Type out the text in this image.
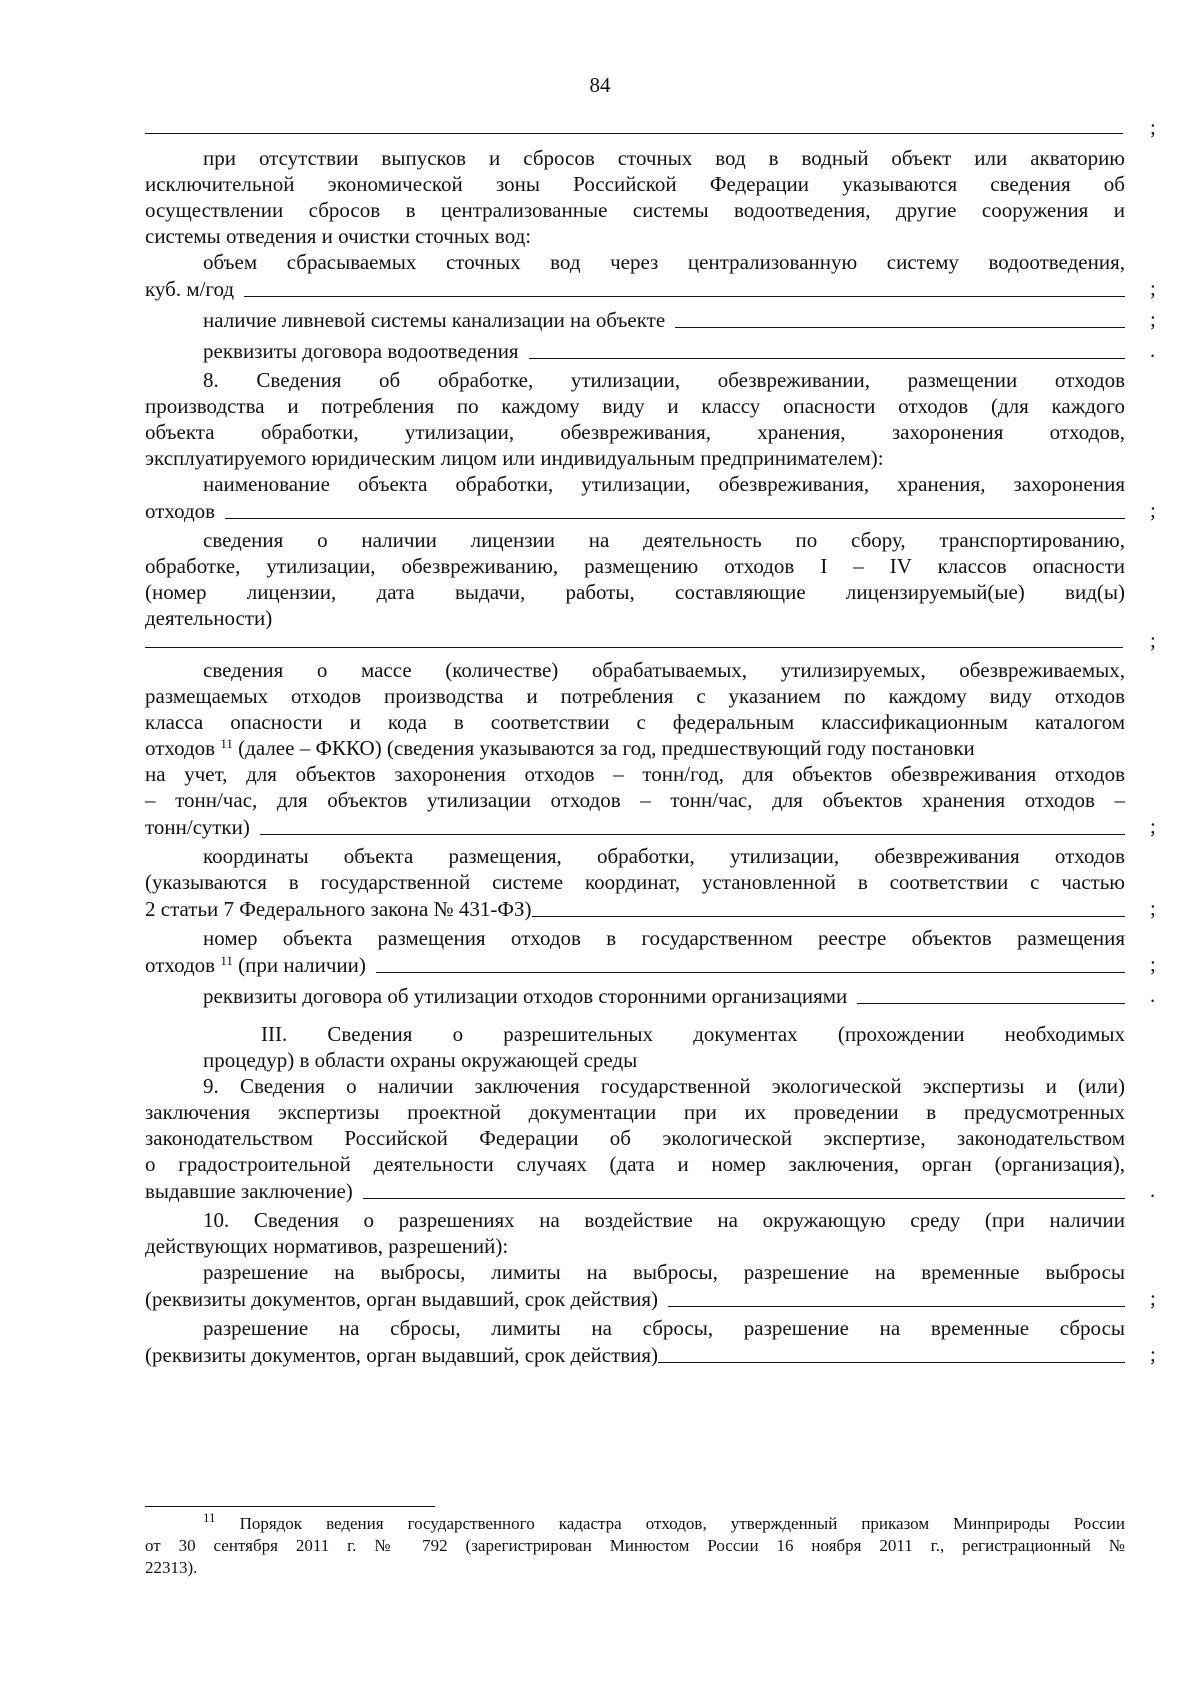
84
;
при отсутствии выпусков и сбросов сточных вод в водный объект или акваторию
исключительной экономической зоны Российской Федерации указываются сведения об
осуществлении сбросов в централизованные системы водоотведения, другие сооружения и
системы отведения и очистки сточных вод:
объем сбрасываемых сточных вод через централизованную систему водоотведения,
куб. м/год	;
наличие ливневой системы канализации на объекте	;
реквизиты договора водоотведения	.
8. Сведения об обработке, утилизации, обезвреживании, размещении отходов
производства и потребления по каждому виду и классу опасности отходов (для каждого
объекта обработки, утилизации, обезвреживания, хранения, захоронения отходов,
эксплуатируемого юридическим лицом или индивидуальным предпринимателем):
наименование объекта обработки, утилизации, обезвреживания, хранения, захоронения
отходов	;
сведения о наличии лицензии на деятельность по сбору, транспортированию,
обработке, утилизации, обезвреживанию, размещению отходов I – IV классов опасности
(номер лицензии, дата выдачи, работы, составляющие лицензируемый(ые) вид(ы)
деятельности)
;
сведения о массе (количестве) обрабатываемых, утилизируемых, обезвреживаемых,
размещаемых отходов производства и потребления с указанием по каждому виду отходов
класса опасности и кода в соответствии с федеральным классификационным каталогом
отходов $^{11}$ (далее – ФККО) (сведения указываются за год, предшествующий году постановки
на учет, для объектов захоронения отходов – тонн/год, для объектов обезвреживания отходов
– тонн/час, для объектов утилизации отходов – тонн/час, для объектов хранения отходов –
тонн/сутки)	;
координаты объекта размещения, обработки, утилизации, обезвреживания отходов
(указываются в государственной системе координат, установленной в соответствии с частью
2 статьи 7 Федерального закона № 431-ФЗ)	;
номер объекта размещения отходов в государственном реестре объектов размещения
отходов $^{11}$ (при наличии)	;
реквизиты договора об утилизации отходов сторонними организациями	.
III. Сведения о разрешительных документах (прохождении необходимых
процедур) в области охраны окружающей среды
9. Сведения о наличии заключения государственной экологической экспертизы и (или)
заключения экспертизы проектной документации при их проведении в предусмотренных
законодательством Российской Федерации об экологической экспертизе, законодательством
о градостроительной деятельности случаях (дата и номер заключения, орган (организация),
выдавшие заключение)	.
10. Сведения о разрешениях на воздействие на окружающую среду (при наличии
действующих нормативов, разрешений):
разрешение на выбросы, лимиты на выбросы, разрешение на временные выбросы
(реквизиты документов, орган выдавший, срок действия)	;
разрешение на сбросы, лимиты на сбросы, разрешение на временные сбросы
(реквизиты документов, орган выдавший, срок действия)	;
$^{11}$ Порядок ведения государственного кадастра отходов, утвержденный приказом Минприроды России
от 30 сентября 2011 г. № 792 (зарегистрирован Минюстом России 16 ноября 2011 г., регистрационный №
22313).
